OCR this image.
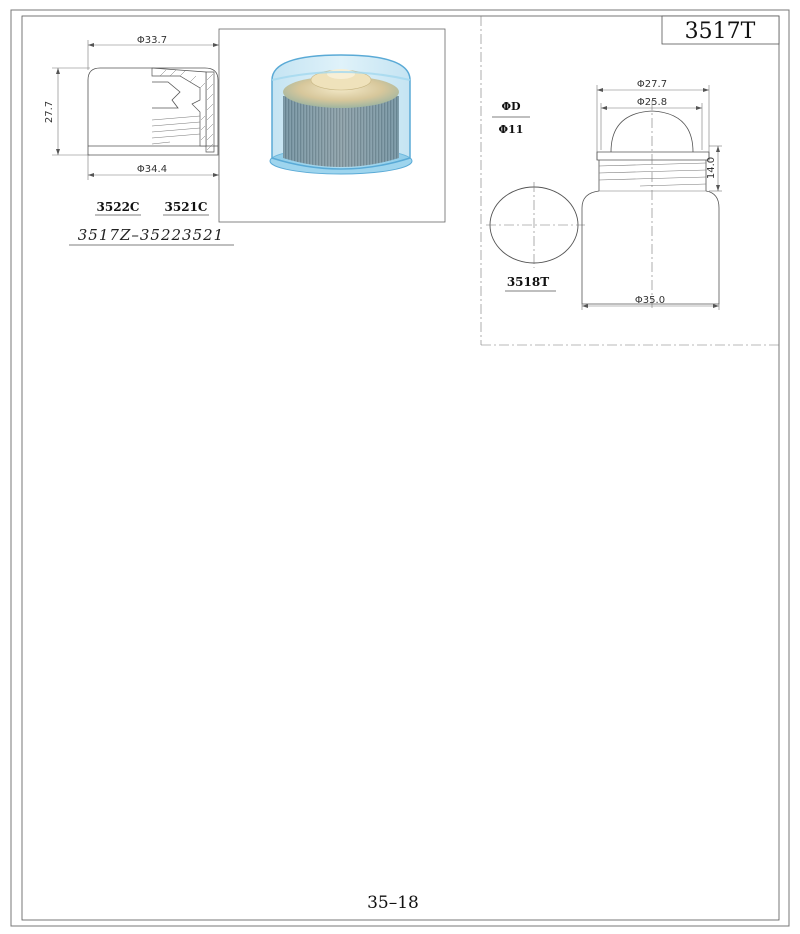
3517T
Φ33.7
27.7
Φ34.4
3522C 3521C
3517Z–35223521
ΦD
Φ11
3518T
Φ27.7
Φ25.8
14.0
Φ35.0
35–18
